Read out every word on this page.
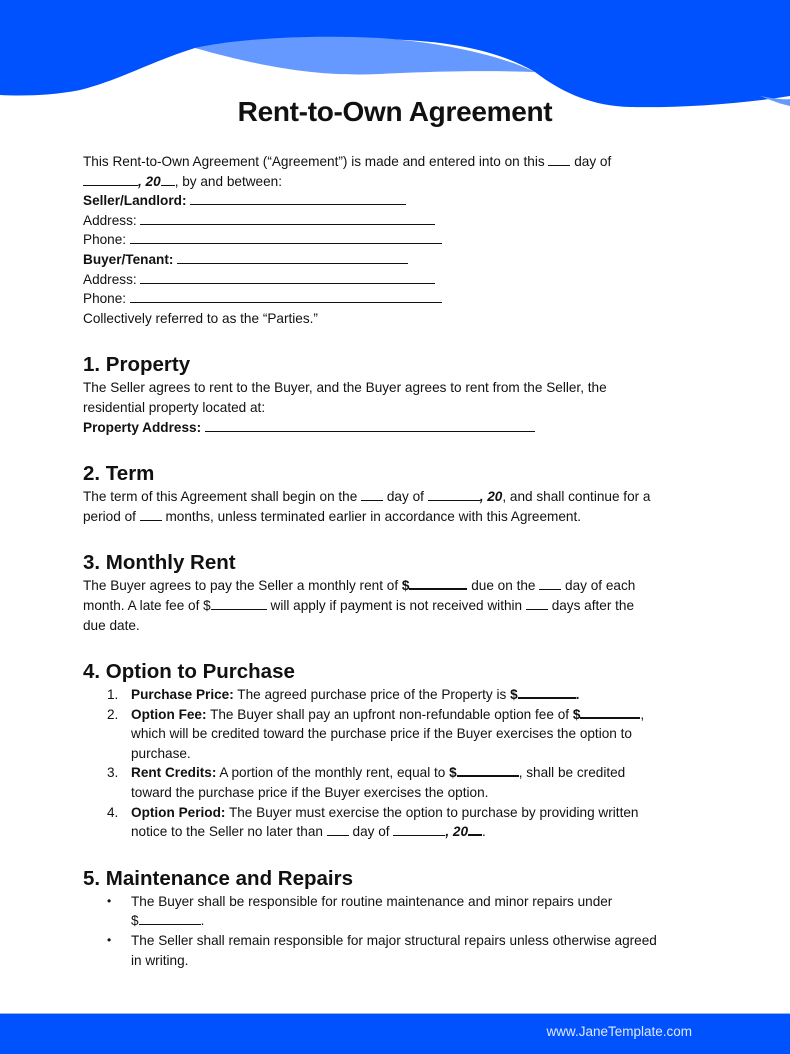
Rent-to-Own Agreement
This Rent-to-Own Agreement (“Agreement”) is made and entered into on this day of
, 20 , by and between:
Seller/Landlord:
Address:
Phone:
Buyer/Tenant:
Address:
Phone:
Collectively referred to as the “Parties.”
1. Property
The Seller agrees to rent to the Buyer, and the Buyer agrees to rent from the Seller, the
residential property located at:
Property Address:
2. Term
The term of this Agreement shall begin on the day of	, 20, and shall continue for a
period of months, unless terminated earlier in accordance with this Agreement.
3. Monthly Rent
The Buyer agrees to pay the Seller a monthly rent of $	due on the day of each
month. A late fee of $	will apply if payment is not received within days after the
due date.
4. Option to Purchase
1. Purchase Price: The agreed purchase price of the Property is $	.
2. Option Fee: The Buyer shall pay an upfront non-refundable option fee of $	,
which will be credited toward the purchase price if the Buyer exercises the option to
purchase.
3. Rent Credits: A portion of the monthly rent, equal to $	, shall be credited
toward the purchase price if the Buyer exercises the option.
4. Option Period: The Buyer must exercise the option to purchase by providing written
notice to the Seller no later than day of	, 20 .
5. Maintenance and Repairs
• The Buyer shall be responsible for routine maintenance and minor repairs under
$	.
• The Seller shall remain responsible for major structural repairs unless otherwise agreed
in writing.
www.JaneTemplate.com
